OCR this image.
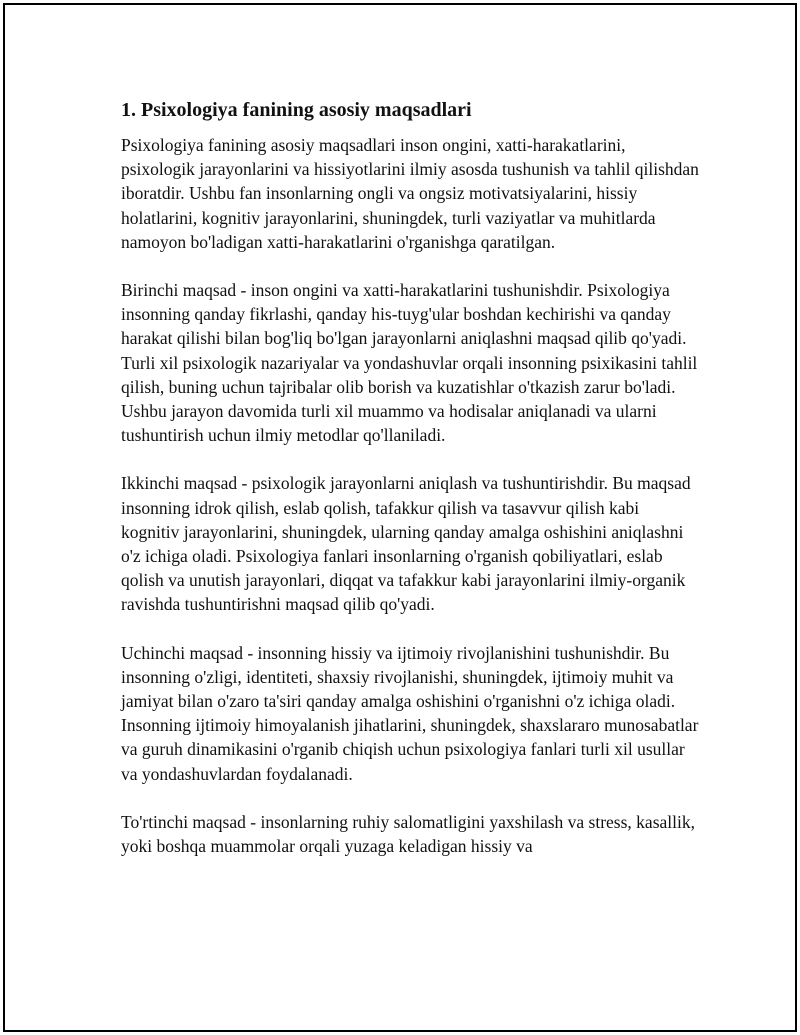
1. Psixologiya fanining asosiy maqsadlari

Psixologiya fanining asosiy maqsadlari inson ongini, xatti-harakatlarini, psixologik jarayonlarini va hissiyotlarini ilmiy asosda tushunish va tahlil qilishdan iboratdir. Ushbu fan insonlarning ongli va ongsiz motivatsiyalarini, hissiy holatlarini, kognitiv jarayonlarini, shuningdek, turli vaziyatlar va muhitlarda namoyon bo'ladigan xatti-harakatlarini o'rganishga qaratilgan.

Birinchi maqsad - inson ongini va xatti-harakatlarini tushunishdir. Psixologiya insonning qanday fikrlashi, qanday his-tuyg'ular boshdan kechirishi va qanday harakat qilishi bilan bog'liq bo'lgan jarayonlarni aniqlashni maqsad qilib qo'yadi. Turli xil psixologik nazariyalar va yondashuvlar orqali insonning psixikasini tahlil qilish, buning uchun tajribalar olib borish va kuzatishlar o'tkazish zarur bo'ladi. Ushbu jarayon davomida turli xil muammo va hodisalar aniqlanadi va ularni tushuntirish uchun ilmiy metodlar qo'llaniladi.

Ikkinchi maqsad - psixologik jarayonlarni aniqlash va tushuntirishdir. Bu maqsad insonning idrok qilish, eslab qolish, tafakkur qilish va tasavvur qilish kabi kognitiv jarayonlarini, shuningdek, ularning qanday amalga oshishini aniqlashni o'z ichiga oladi. Psixologiya fanlari insonlarning o'rganish qobiliyatlari, eslab qolish va unutish jarayonlari, diqqat va tafakkur kabi jarayonlarini ilmiy-organik ravishda tushuntirishni maqsad qilib qo'yadi.

Uchinchi maqsad - insonning hissiy va ijtimoiy rivojlanishini tushunishdir. Bu insonning o'zligi, identiteti, shaxsiy rivojlanishi, shuningdek, ijtimoiy muhit va jamiyat bilan o'zaro ta'siri qanday amalga oshishini o'rganishni o'z ichiga oladi. Insonning ijtimoiy himoyalanish jihatlarini, shuningdek, shaxslararo munosabatlar va guruh dinamikasini o'rganib chiqish uchun psixologiya fanlari turli xil usullar va yondashuvlardan foydalanadi.

To'rtinchi maqsad - insonlarning ruhiy salomatligini yaxshilash va stress, kasallik, yoki boshqa muammolar orqali yuzaga keladigan hissiy va
